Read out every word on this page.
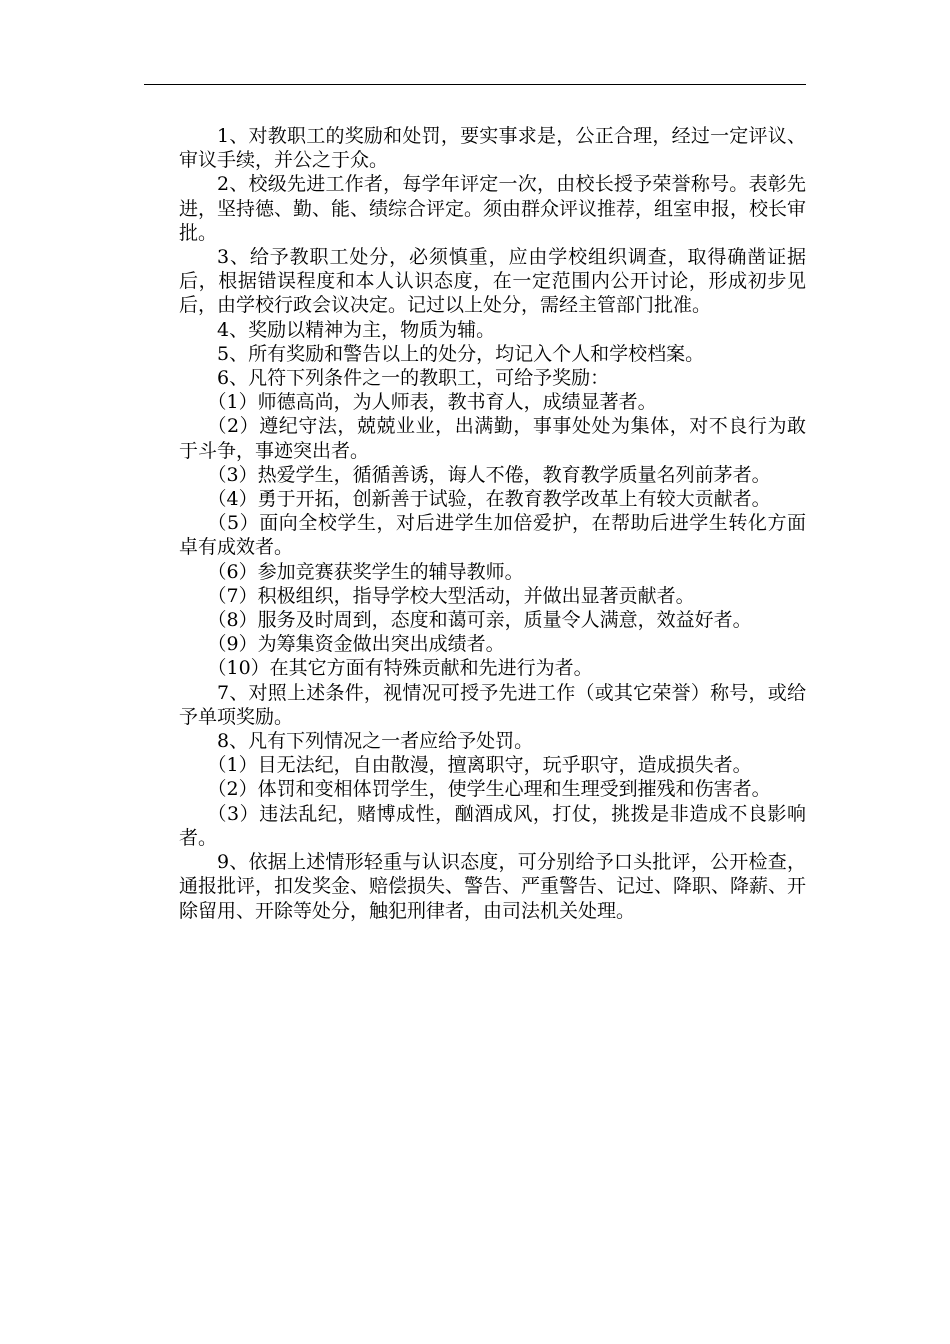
1、对教职工的奖励和处罚，要实事求是，公正合理，经过一定评议、审议手续，并公之于众。

2、校级先进工作者，每学年评定一次，由校长授予荣誉称号。表彰先进，坚持德、勤、能、绩综合评定。须由群众评议推荐，组室申报，校长审批。

3、给予教职工处分，必须慎重，应由学校组织调查，取得确凿证据后，根据错误程度和本人认识态度，在一定范围内公开讨论，形成初步见后，由学校行政会议决定。记过以上处分，需经主管部门批准。

4、奖励以精神为主，物质为辅。

5、所有奖励和警告以上的处分，均记入个人和学校档案。

6、凡符下列条件之一的教职工，可给予奖励：

（1）师德高尚，为人师表，教书育人，成绩显著者。

（2）遵纪守法，兢兢业业，出满勤，事事处处为集体，对不良行为敢于斗争，事迹突出者。

（3）热爱学生，循循善诱，诲人不倦，教育教学质量名列前茅者。

（4）勇于开拓，创新善于试验，在教育教学改革上有较大贡献者。

（5）面向全校学生，对后进学生加倍爱护，在帮助后进学生转化方面卓有成效者。

（6）参加竞赛获奖学生的辅导教师。

（7）积极组织，指导学校大型活动，并做出显著贡献者。

（8）服务及时周到，态度和蔼可亲，质量令人满意，效益好者。

（9）为筹集资金做出突出成绩者。

（10）在其它方面有特殊贡献和先进行为者。

7、对照上述条件，视情况可授予先进工作（或其它荣誉）称号，或给予单项奖励。

8、凡有下列情况之一者应给予处罚。

（1）目无法纪，自由散漫，擅离职守，玩乎职守，造成损失者。

（2）体罚和变相体罚学生，使学生心理和生理受到摧残和伤害者。

（3）违法乱纪，赌博成性，酗酒成风，打仗，挑拨是非造成不良影响者。

9、依据上述情形轻重与认识态度，可分别给予口头批评，公开检查，通报批评，扣发奖金、赔偿损失、警告、严重警告、记过、降职、降薪、开除留用、开除等处分，触犯刑律者，由司法机关处理。
